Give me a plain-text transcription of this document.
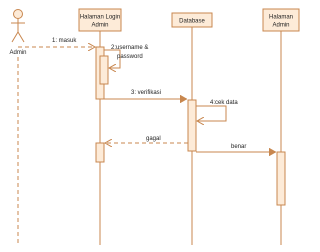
Admin
Halaman Login
Admin
Database
Halaman
Admin
1: masuk
2:username &
password
3: verifikasi
4:cek data
gagal
benar
